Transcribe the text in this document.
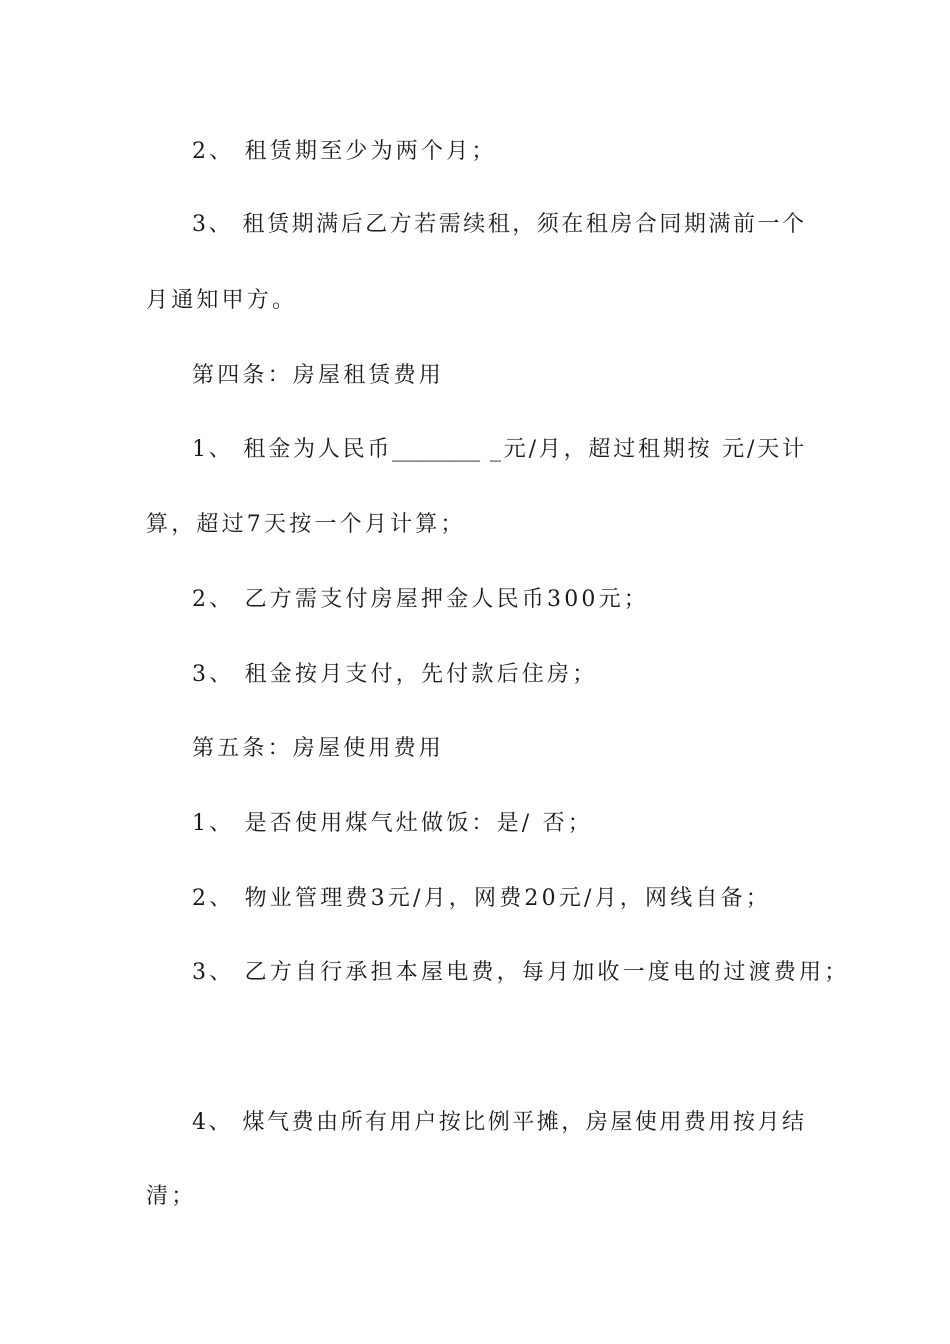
2、 租赁期至少为两个月；
3、 租赁期满后乙方若需续租，须在租房合同期满前一个
月通知甲方。
第四条：房屋租赁费用
1、 租金为人民币________ _元/月，超过租期按 元/天计
算，超过7天按一个月计算；
2、 乙方需支付房屋押金人民币300元；
3、 租金按月支付，先付款后住房；
第五条：房屋使用费用
1、 是否使用煤气灶做饭：是/ 否；
2、 物业管理费3元/月，网费20元/月，网线自备；
3、 乙方自行承担本屋电费，每月加收一度电的过渡费用；
4、 煤气费由所有用户按比例平摊，房屋使用费用按月结
清；
